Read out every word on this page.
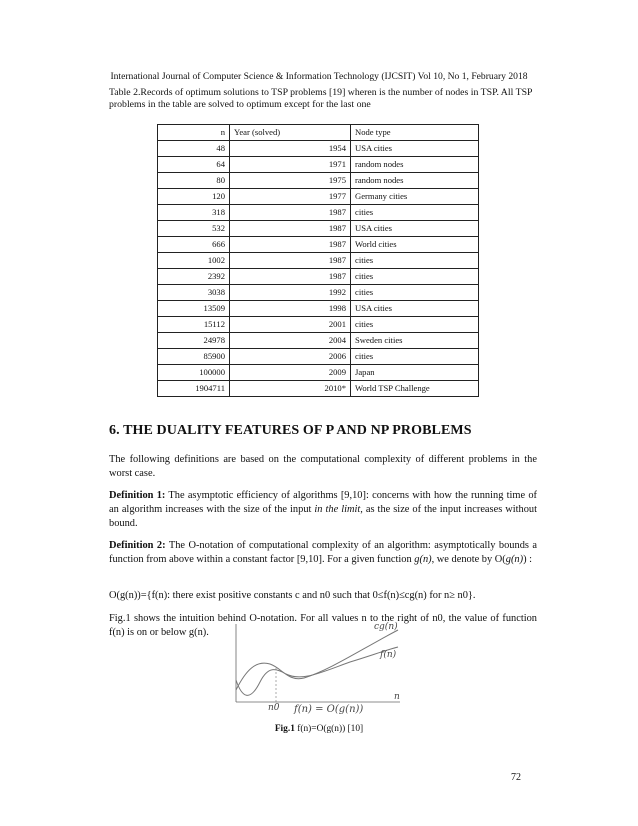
International Journal of Computer Science & Information Technology (IJCSIT) Vol 10, No 1, February 2018
Table 2.Records of optimum solutions to TSP problems [19] wheren is the number of nodes in TSP. All TSP problems in the table are solved to optimum except for the last one
n	Year (solved)	Node type
48	1954	USA cities
64	1971	random nodes
80	1975	random nodes
120	1977	Germany cities
318	1987	cities
532	1987	USA cities
666	1987	World cities
1002	1987	cities
2392	1987	cities
3038	1992	cities
13509	1998	USA cities
15112	2001	cities
24978	2004	Sweden cities
85900	2006	cities
100000	2009	Japan
1904711	2010*	World TSP Challenge
6. THE DUALITY FEATURES OF P AND NP PROBLEMS
The following definitions are based on the computational complexity of different problems in the worst case.
Definition 1: The asymptotic efficiency of algorithms [9,10]: concerns with how the running time of an algorithm increases with the size of the input in the limit, as the size of the input increases without bound.
Definition 2: The O-notation of computational complexity of an algorithm: asymptotically bounds a function from above within a constant factor [9,10]. For a given function g(n), we denote by O(g(n)) :
O(g(n))={f(n): there exist positive constants c and n0 such that 0≤f(n)≤cg(n) for n≥ n0}.
Fig.1 shows the intuition behind O-notation. For all values n to the right of n0, the value of function f(n) is on or below g(n).	cg(n)
f(n)
n
n0 f(n) = O(g(n))
Fig.1 f(n)=O(g(n)) [10]
72
